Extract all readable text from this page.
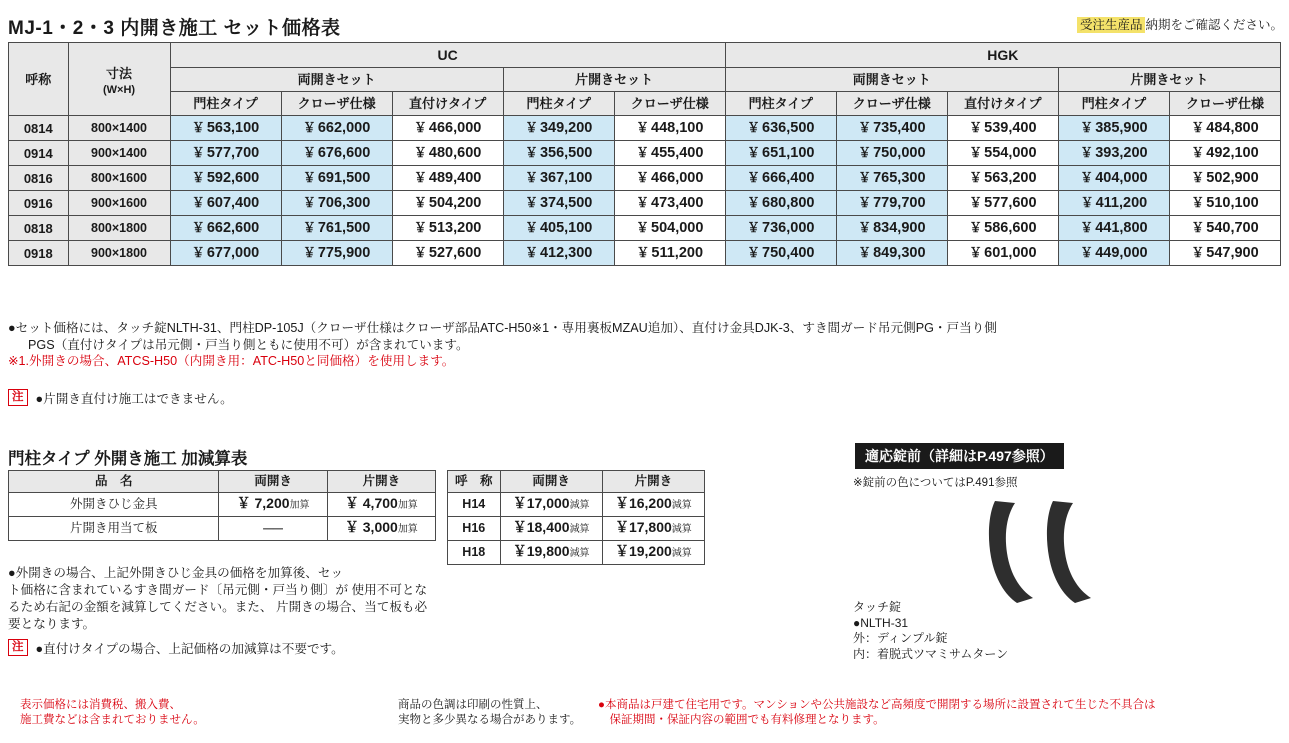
MJ-1・2・3 内開き施工 セット価格表	受注生産品 納期をご確認ください。
呼称	寸法
(W×H)	UC					HGK				
		両開きセット			片開きセット		両開きセット			片開きセット	
		門柱タイプ	クローザ仕様	直付けタイプ	門柱タイプ	クローザ仕様	門柱タイプ	クローザ仕様	直付けタイプ	門柱タイプ	クローザ仕様
0814	800×1400	￥ 563,100	￥ 662,000	￥ 466,000	￥ 349,200	￥ 448,100	￥ 636,500	￥ 735,400	￥ 539,400	￥ 385,900	￥ 484,800
0914	900×1400	￥ 577,700	￥ 676,600	￥ 480,600	￥ 356,500	￥ 455,400	￥ 651,100	￥ 750,000	￥ 554,000	￥ 393,200	￥ 492,100
0816	800×1600	￥ 592,600	￥ 691,500	￥ 489,400	￥ 367,100	￥ 466,000	￥ 666,400	￥ 765,300	￥ 563,200	￥ 404,000	￥ 502,900
0916	900×1600	￥ 607,400	￥ 706,300	￥ 504,200	￥ 374,500	￥ 473,400	￥ 680,800	￥ 779,700	￥ 577,600	￥ 411,200	￥ 510,100
0818	800×1800	￥ 662,600	￥ 761,500	￥ 513,200	￥ 405,100	￥ 504,000	￥ 736,000	￥ 834,900	￥ 586,600	￥ 441,800	￥ 540,700
0918	900×1800	￥ 677,000	￥ 775,900	￥ 527,600	￥ 412,300	￥ 511,200	￥ 750,400	￥ 849,300	￥ 601,000	￥ 449,000	￥ 547,900
●セット価格には、タッチ錠NLTH-31、門柱DP-105J（クローザ仕様はクローザ部品ATC-H50※1・専用裏板MZAU追加）、直付け金具DJK-3、すき間ガード吊元側PG・戸当り側
PGS（直付けタイプは吊元側・戸当り側ともに使用不可）が含まれています。
※1.外開きの場合、ATCS-H50（内開き用：ATC-H50と同価格）を使用します。
注 ●片開き直付け施工はできません。
門柱タイプ 外開き施工 加減算表
品　名	両開き	片開き
外開きひじ金具	￥ 7,200加算	￥ 4,700加算
片開き用当て板	──	￥ 3,000加算
呼　称	両開き	片開き
H14	￥17,000減算	￥16,200減算
H16	￥18,400減算	￥17,800減算
H18	￥19,800減算	￥19,200減算
●外開きの場合、上記外開きひじ金具の価格を加算後、セッ
ト価格に含まれているすき間ガード〔吊元側・戸当り側〕が 使用不可となるため右記の金額を減算してください。また、 片開きの場合、当て板も必要となります。
注 ●直付けタイプの場合、上記価格の加減算は不要です。
適応錠前（詳細はP.497参照）
※錠前の色についてはP.491参照
タッチ錠
●NLTH-31
外：ディンプル錠
内：着脱式ツマミサムターン
表示価格には消費税、搬入費、
施工費などは含まれておりません。
商品の色調は印刷の性質上、
実物と多少異なる場合があります。
●本商品は戸建て住宅用です。マンションや公共施設など高頻度で開閉する場所に設置されて生じた不具合は
　保証期間・保証内容の範囲でも有料修理となります。
